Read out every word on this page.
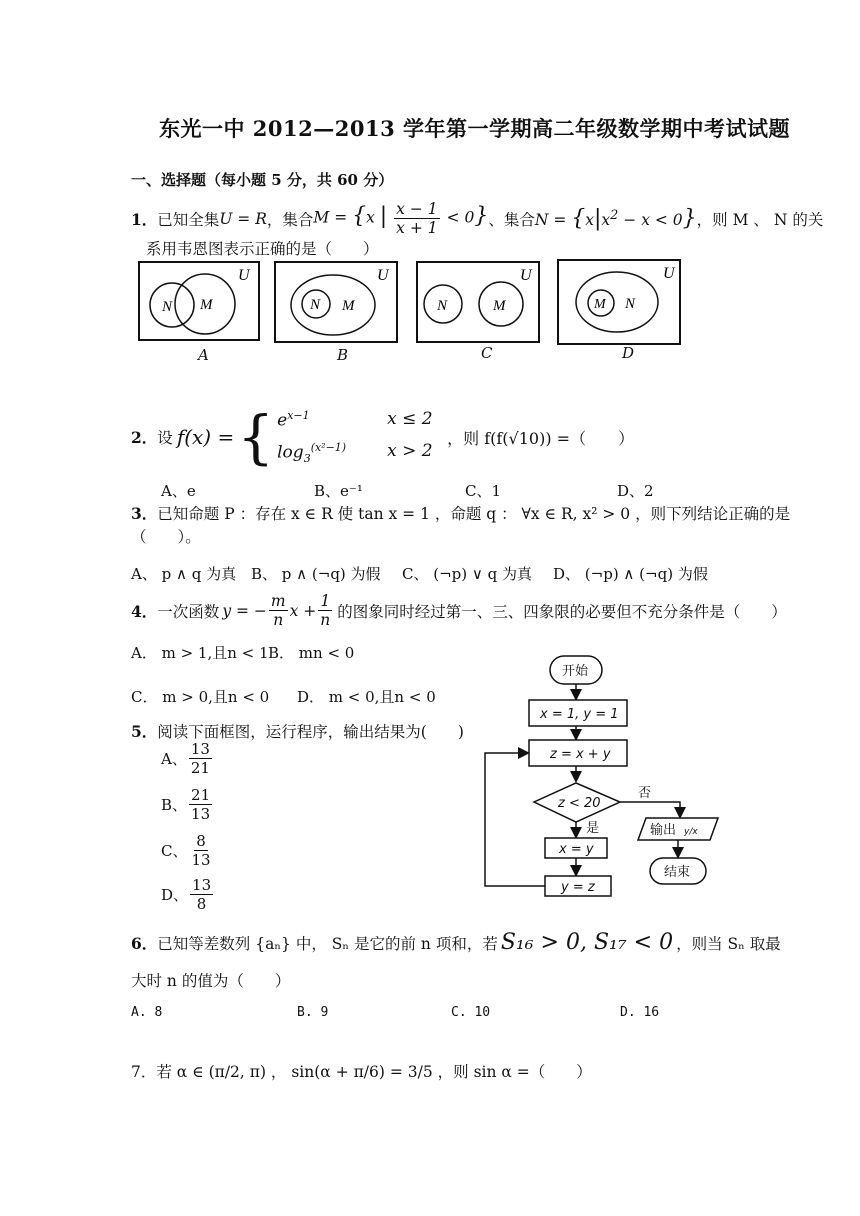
东光一中 2012—2013 学年第一学期高二年级数学期中考试试题
一、选择题（每小题 5 分，共 60 分）
1． 已知全集 U = R ，集合 M = {x | $\frac{x - 1}{x + 1} < 0$} 、集合 $N = \{x|x^2 - x < 0\}$ ，则 M 、 N 的关
系用韦恩图表示正确的是（　　）
N M
U
N M
U
N	M
U
M N
U
A	B	C	D
2． 设 f(x) = { $e^{x-1}$	x ≤ 2
$\log_3^{(x^2-1)}$	x > 2
，则 f(f(√10)) =（　　）
A、e	B、e⁻¹	C、1	D、2
3．已知命题 P ：存在 x ∈ R 使 tan x = 1 ，命题 q ： ∀x ∈ R, x² > 0 ，则下列结论正确的是
（　　）。
A、 p ∧ q 为真 B、 p ∧ (¬q) 为假 C、 (¬p) ∨ q 为真 D、 (¬p) ∧ (¬q) 为假
4． 一次函数 y = − $\frac{m}{n}$ $x + \frac{1}{n}$ 的图象同时经过第一、三、四象限的必要但不充分条件是（　　）
A． m > 1,且n < 1 B． mn < 0
C． m > 0,且n < 0 D． m < 0,且n < 0
5．阅读下面框图，运行程序，输出结果为(　　)
A、 $\frac{13}{21}$
B、 $\frac{21}{13}$
C、 $\frac{8}{13}$
D、 $\frac{13}{8}$
开始
x = 1, y = 1
z = x + y
z < 20
否
是
x = y
y = z
输出 y/x
结束
6． 已知等差数列 {aₙ} 中， Sₙ 是它的前 n 项和，若 S₁₆ > 0, S₁₇ < 0 ，则当 Sₙ 取最
大时 n 的值为（　　）
A. 8	B. 9	C. 10	D. 16
7． 若 α ∈ (π/2, π) ， sin(α + π/6) = 3/5 ，则 sin α =（　　）
